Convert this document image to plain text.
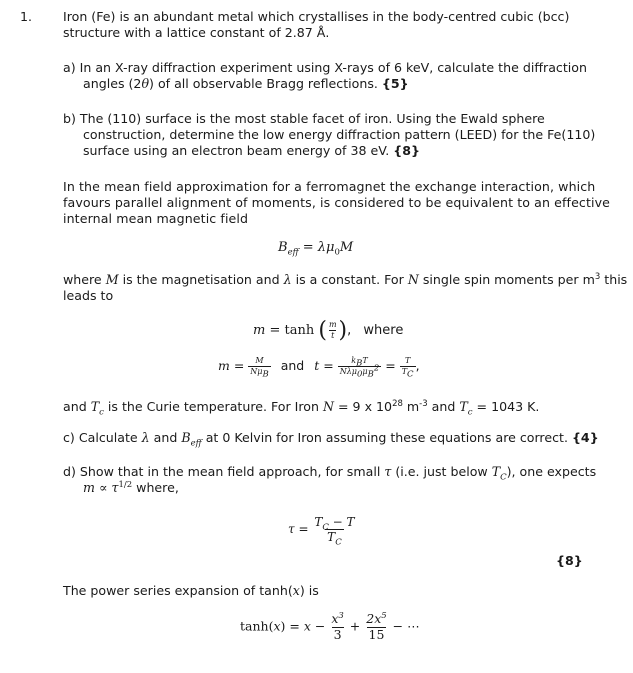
1. Iron (Fe) is an abundant metal which crystallises in the body-centred cubic (bcc)
structure with a lattice constant of 2.87 Å.
a) In an X-ray diffraction experiment using X-rays of 6 keV, calculate the diffraction
angles (2θ) of all observable Bragg reflections. {5}
b) The (110) surface is the most stable facet of iron. Using the Ewald sphere
construction, determine the low energy diffraction pattern (LEED) for the Fe(110)
surface using an electron beam energy of 38 eV. {8}
In the mean field approximation for a ferromagnet the exchange interaction, which
favours parallel alignment of moments, is considered to be equivalent to an effective
internal mean magnetic field
$B_{eff} = \lambda\mu_0M$
where M is the magnetisation and λ is a constant. For N single spin moments per $m^3$ this
leads to
m = tanh ( $\frac{m}{t}$ ), where
$m = \frac{M}{N\mu_B}$ and $t = \frac{k_BT}{N\lambda\mu_0\mu_B^2} = \frac{T}{T_C}$ ,
and $T_c$ is the Curie temperature. For Iron N = 9 x $10^{28}$ $m^{-3}$ and $T_c = 1043$ K.
c) Calculate λ and $B_{eff}$ at 0 Kelvin for Iron assuming these equations are correct. {4}
d) Show that in the mean field approach, for small τ (i.e. just below $T_C$), one expects
$m \propto \tau^{1/2}$ where,
$\tau = \frac{T_C - T}{T_C}$
{8}
The power series expansion of tanh(x) is
$\tanh(x) = x - \frac{x^3}{3} + \frac{2x^5}{15}$ − ⋯
